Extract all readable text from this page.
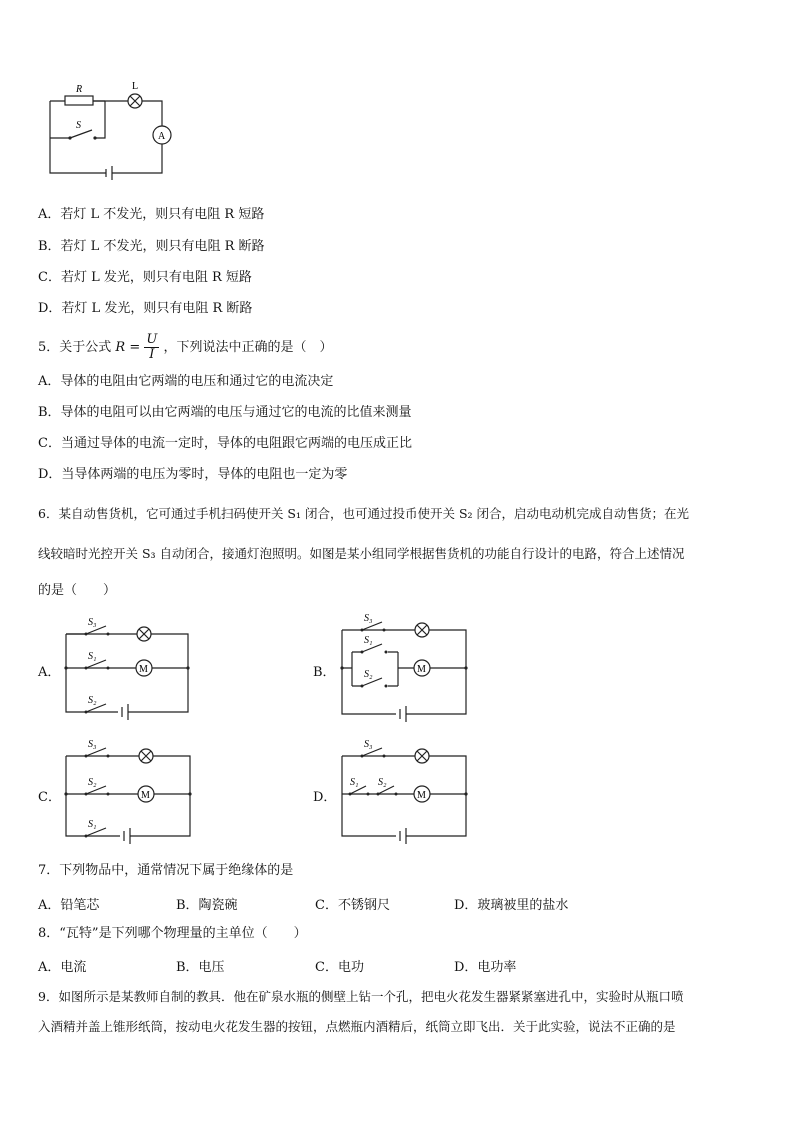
R	L
A
S
A．若灯 L 不发光，则只有电阻 R 短路
B．若灯 L 不发光，则只有电阻 R 断路
C．若灯 L 发光，则只有电阻 R 短路
D．若灯 L 发光，则只有电阻 R 断路
5．关于公式 $R = \frac{U}{I}$ ，下列说法中正确的是（　）
A．导体的电阻由它两端的电压和通过它的电流决定
B．导体的电阻可以由它两端的电压与通过它的电流的比值来测量
C．当通过导体的电流一定时，导体的电阻跟它两端的电压成正比
D．当导体两端的电压为零时，导体的电阻也一定为零
6．某自动售货机，它可通过手机扫码使开关 S₁ 闭合，也可通过投币使开关 S₂ 闭合，启动电动机完成自动售货；在光
线较暗时光控开关 S₃ 自动闭合，接通灯泡照明。如图是某小组同学根据售货机的功能自行设计的电路，符合上述情况
的是（　　）
A．
S₃
S₁
M
S₂
B．
S₃
S₁
S₂	M
C．
S₃
S₂
M
S₁
D．
S₃
S₁ S₂
M
7．下列物品中，通常情况下属于绝缘体的是
A．铅笔芯	B．陶瓷碗	C．不锈钢尺	D．玻璃被里的盐水
8．“瓦特”是下列哪个物理量的主单位（　　）
A．电流	B．电压	C．电功	D．电功率
9．如图所示是某教师自制的教具．他在矿泉水瓶的侧壁上钻一个孔，把电火花发生器紧紧塞进孔中，实验时从瓶口喷
入酒精并盖上锥形纸筒，按动电火花发生器的按钮，点燃瓶内酒精后，纸筒立即飞出．关于此实验，说法不正确的是
